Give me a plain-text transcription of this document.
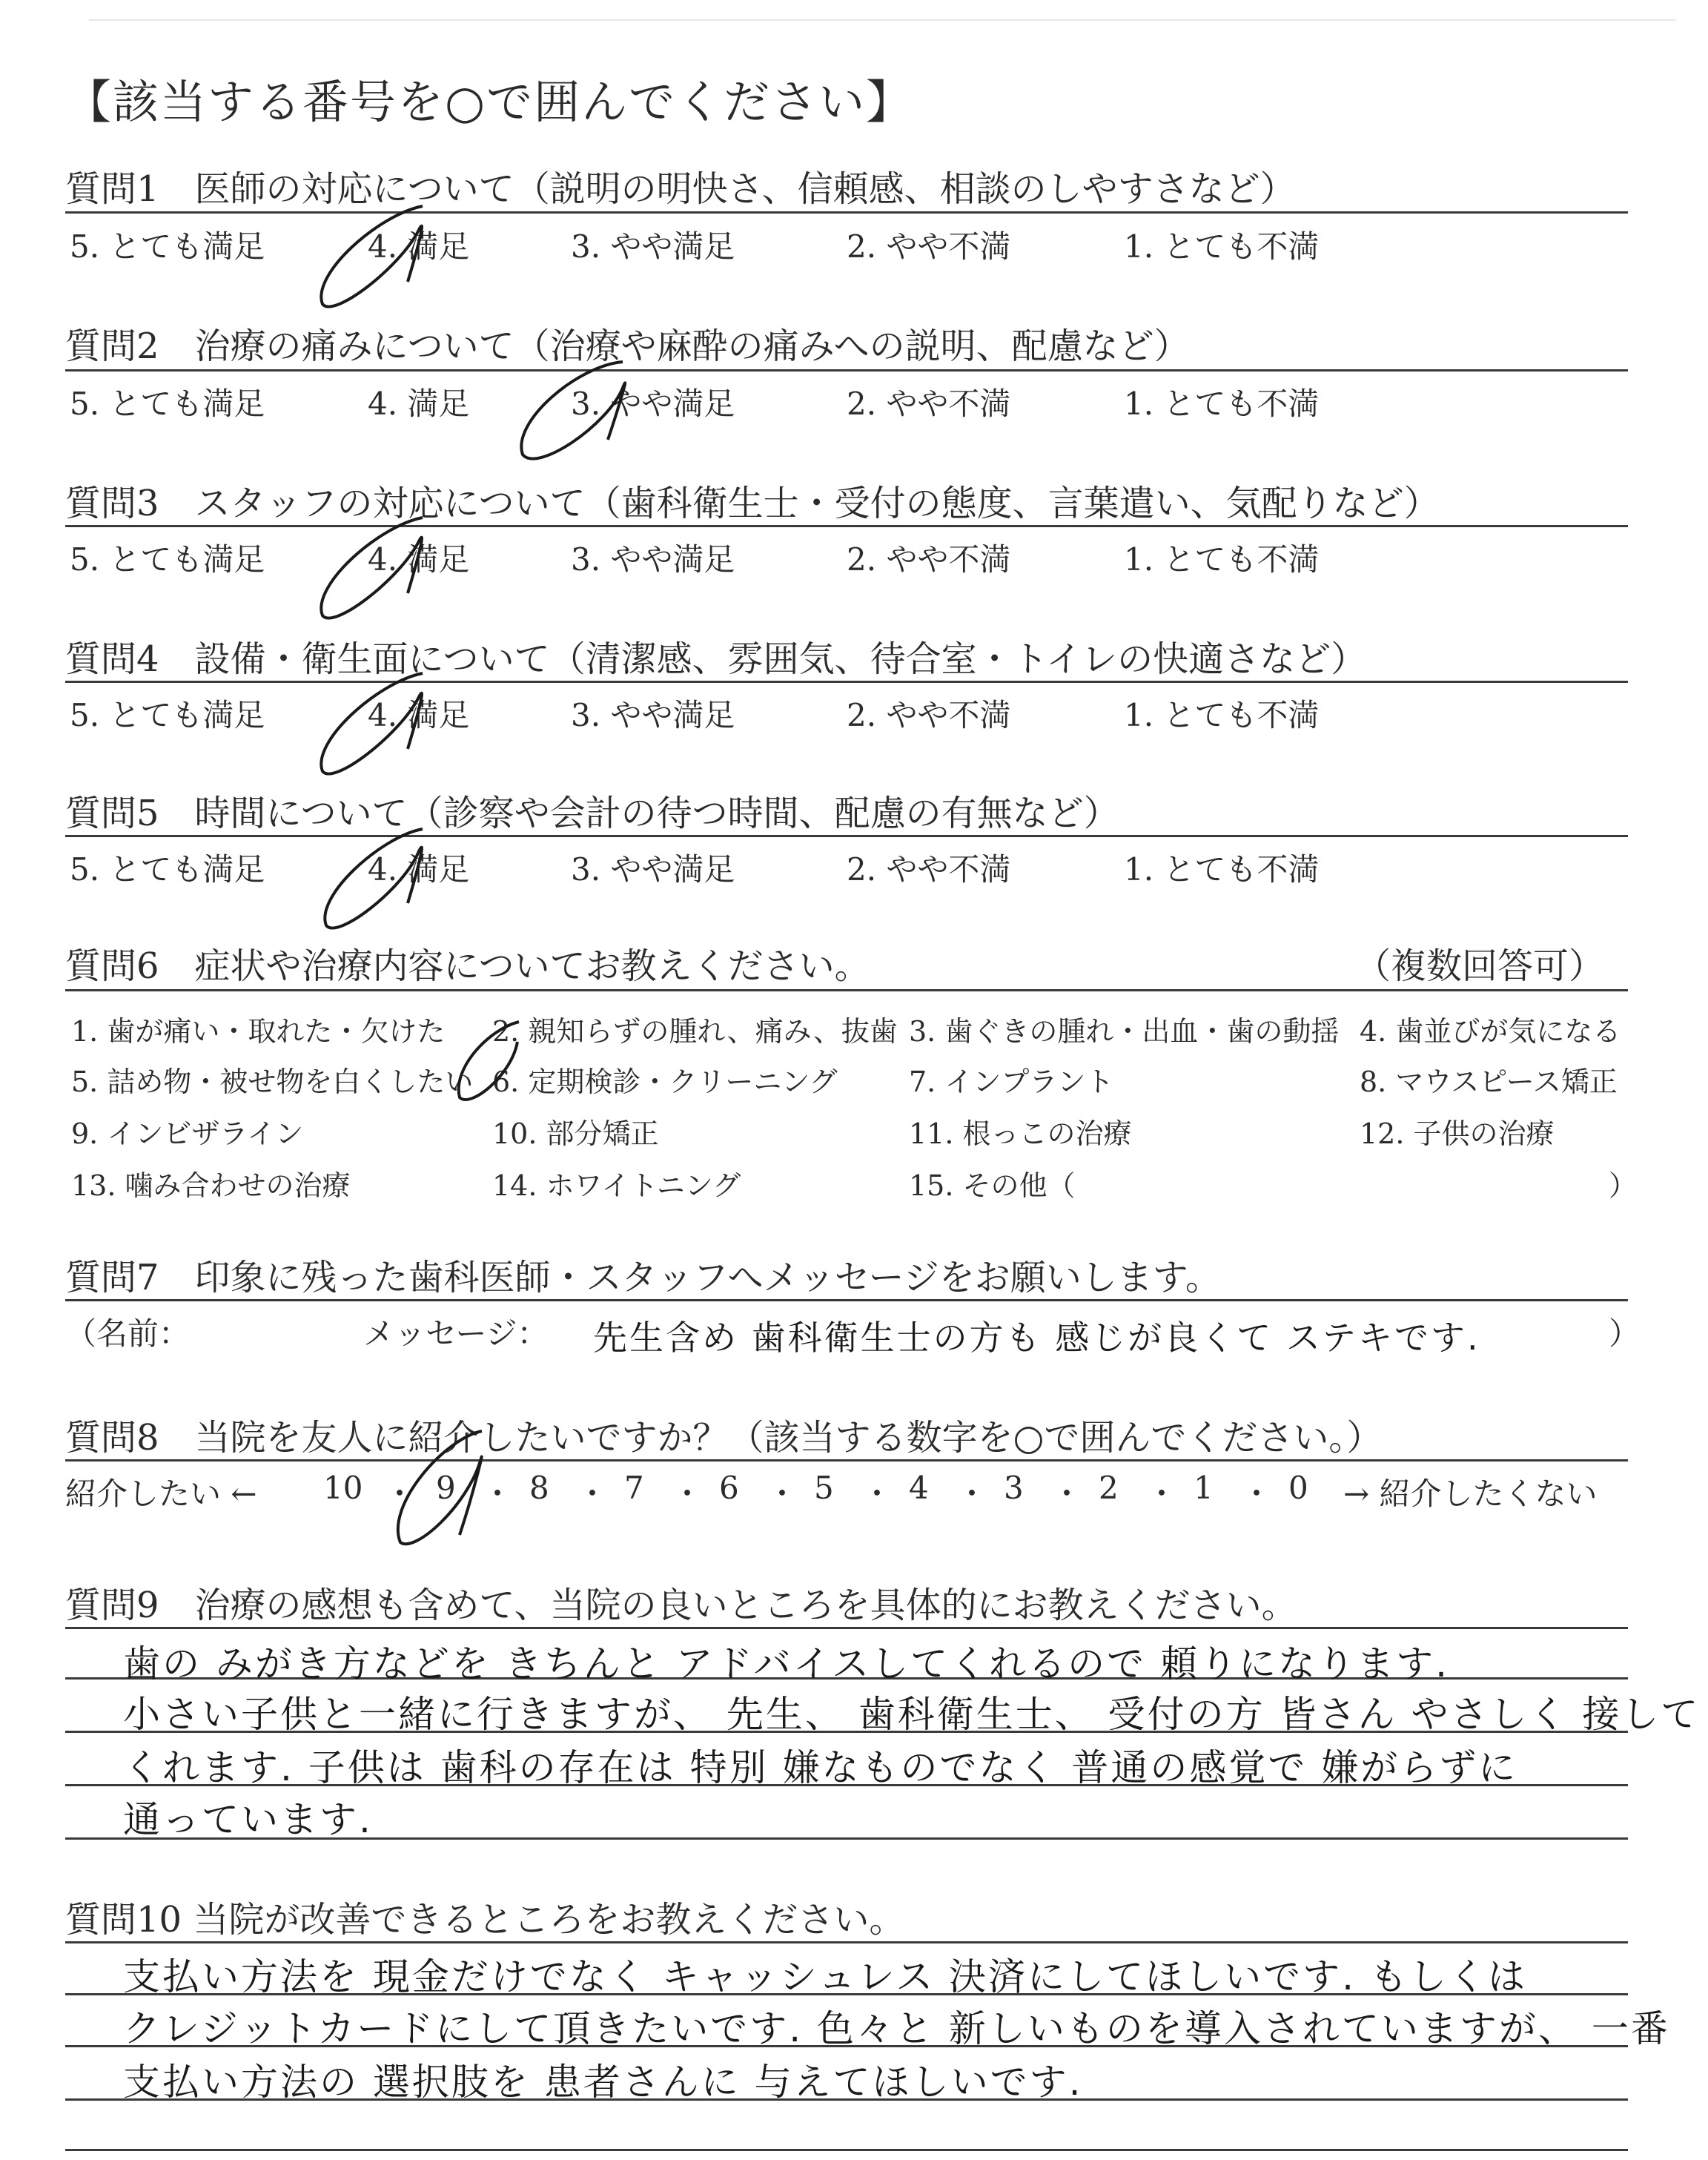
【該当する番号を○で囲んでください】
質問1　医師の対応について（説明の明快さ、信頼感、相談のしやすさなど）
5. とても満足	4. 満足	3. やや満足	2. やや不満	1. とても不満
質問2　治療の痛みについて（治療や麻酔の痛みへの説明、配慮など）
5. とても満足	4. 満足	3. やや満足	2. やや不満	1. とても不満
質問3　スタッフの対応について（歯科衛生士・受付の態度、言葉遣い、気配りなど）
5. とても満足	4. 満足	3. やや満足	2. やや不満	1. とても不満
質問4　設備・衛生面について（清潔感、雰囲気、待合室・トイレの快適さなど）
5. とても満足	4. 満足	3. やや満足	2. やや不満	1. とても不満
質問5　時間について（診察や会計の待つ時間、配慮の有無など）
5. とても満足	4. 満足	3. やや満足	2. やや不満	1. とても不満
質問6　症状や治療内容についてお教えください。	（複数回答可）
1. 歯が痛い・取れた・欠けた 2. 親知らずの腫れ、痛み、抜歯 3. 歯ぐきの腫れ・出血・歯の動揺 4. 歯並びが気になる
5. 詰め物・被せ物を白くしたい 6. 定期検診・クリーニング	7. インプラント	8. マウスピース矯正
9. インビザライン	10. 部分矯正	11. 根っこの治療	12. 子供の治療
13. 噛み合わせの治療	14. ホワイトニング	15. その他（	）
質問7　印象に残った歯科医師・スタッフへメッセージをお願いします。
（名前：	メッセージ： 先生含め 歯科衛生士の方も 感じが良くて ステキです.	）
質問8　当院を友人に紹介したいですか？（該当する数字を○で囲んでください。）
紹介したい ← 10 ・ 9 ・ 8 ・ 7 ・ 6 ・ 5 ・ 4 ・ 3 ・ 2 ・ 1 ・ 0 → 紹介したくない
質問9　治療の感想も含めて、当院の良いところを具体的にお教えください。
歯の みがき方などを きちんと アドバイスしてくれるので 頼りになります.
小さい子供と一緒に行きますが、 先生、 歯科衛生士、 受付の方 皆さん やさしく 接して
くれます. 子供は 歯科の存在は 特別 嫌なものでなく 普通の感覚で 嫌がらずに
通っています.
質問10 当院が改善できるところをお教えください。
支払い方法を 現金だけでなく キャッシュレス 決済にしてほしいです. もしくは
クレジットカードにして頂きたいです. 色々と 新しいものを導入されていますが、 一番
支払い方法の 選択肢を 患者さんに 与えてほしいです.
